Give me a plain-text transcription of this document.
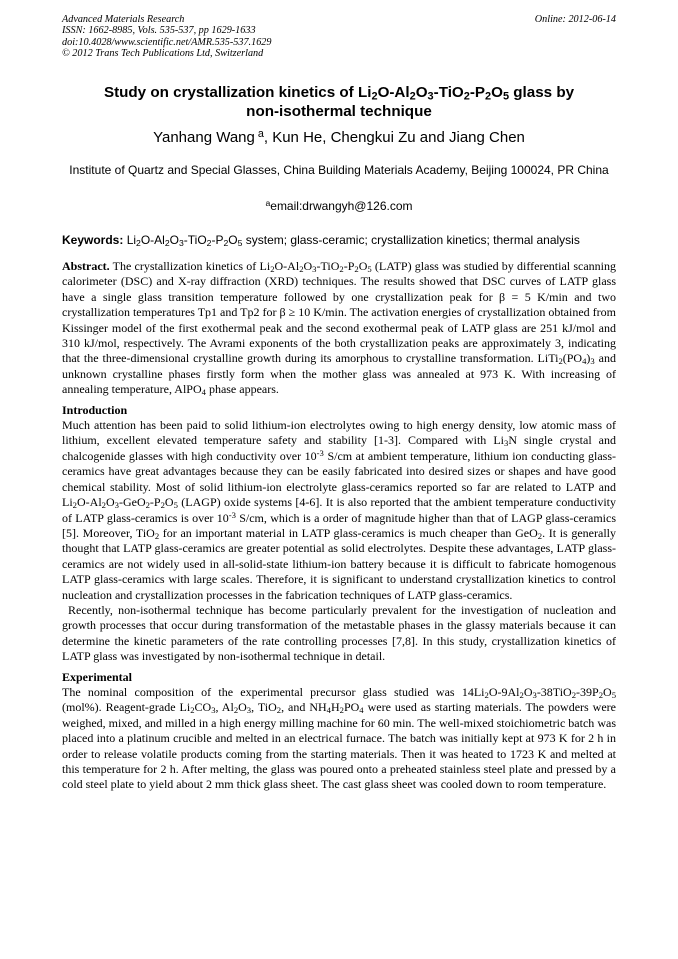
Advanced Materials Research
ISSN: 1662-8985, Vols. 535-537, pp 1629-1633
doi:10.4028/www.scientific.net/AMR.535-537.1629
© 2012 Trans Tech Publications Ltd, Switzerland
Online: 2012-06-14
Study on crystallization kinetics of $Li_2O-Al_2O_3-TiO_2-P_2O_5$ glass by
non-isothermal technique
Yanhang Wang $^a$, Kun He, Chengkui Zu and Jiang Chen
Institute of Quartz and Special Glasses, China Building Materials Academy, Beijing 100024, PR China
$^a$email:drwangyh@126.com
Keywords: $Li_2O-Al_2O_3-TiO_2-P_2O_5$ system; glass-ceramic; crystallization kinetics; thermal analysis

Abstract. The crystallization kinetics of $Li_2O-Al_2O_3-TiO_2-P_2O_5$ (LATP) glass was studied by differential scanning calorimeter (DSC) and X-ray diffraction (XRD) techniques. The results showed that DSC curves of LATP glass have a single glass transition temperature followed by one crystallization peak for β = 5 K/min and two crystallization temperatures Tp1 and Tp2 for β ≥ 10 K/min. The activation energies of crystallization obtained from Kissinger model of the first exothermal peak and the second exothermal peak of LATP glass are 251 kJ/mol and 310 kJ/mol, respectively. The Avrami exponents of the both crystallization peaks are approximately 3, indicating that the three-dimensional crystalline growth during its amorphous to crystalline transformation. $LiTi_2(PO_4)_3$ and unknown crystalline phases firstly form when the mother glass was annealed at 973 K. With increasing of annealing temperature, AlPO$_4$ phase appears.

Introduction

Much attention has been paid to solid lithium-ion electrolytes owing to high energy density, low atomic mass of lithium, excellent elevated temperature safety and stability [1-3]. Compared with $Li_3N$ single crystal and chalcogenide glasses with high conductivity over $10^{-3}$ S/cm at ambient temperature, lithium ion conducting glass-ceramics have great advantages because they can be easily fabricated into desired sizes or shapes and have good chemical stability. Most of solid lithium-ion electrolyte glass-ceramics reported so far are related to LATP and $Li_2O-Al_2O_3-GeO_2-P_2O_5$ (LAGP) oxide systems [4-6]. It is also reported that the ambient temperature conductivity of LATP glass-ceramics is over $10^{-3}$ S/cm, which is a order of magnitude higher than that of LAGP glass-ceramics [5]. Moreover, TiO$_2$ for an important material in LATP glass-ceramics is much cheaper than GeO$_2$. It is generally thought that LATP glass-ceramics are greater potential as solid electrolytes. Despite these advantages, LATP glass-ceramics are not widely used in all-solid-state lithium-ion battery because it is difficult to fabricate homogenous LATP glass-ceramics with large scales. Therefore, it is significant to understand crystallization kinetics to control nucleation and crystallization processes in the fabrication techniques of LATP glass-ceramics.

Recently, non-isothermal technique has become particularly prevalent for the investigation of nucleation and growth processes that occur during transformation of the metastable phases in the glassy materials because it can determine the kinetic parameters of the rate controlling processes [7,8]. In this study, crystallization kinetics of LATP glass was investigated by non-isothermal technique in detail.

Experimental

The nominal composition of the experimental precursor glass studied was $14Li_2O-9Al_2O_3-38TiO_2-39P_2O_5$ (mol%). Reagent-grade $Li_2CO_3$, $Al_2O_3$, TiO$_2$, and $NH_4H_2PO_4$ were used as starting materials. The powders were weighed, mixed, and milled in a high energy milling machine for 60 min. The well-mixed stoichiometric batch was placed into a platinum crucible and melted in an electrical furnace. The batch was initially kept at 973 K for 2 h in order to release volatile products coming from the starting materials. Then it was heated to 1723 K and melted at this temperature for 2 h. After melting, the glass was poured onto a preheated stainless steel plate and pressed by a cold steel plate to yield about 2 mm thick glass sheet. The cast glass sheet was cooled down to room temperature.
